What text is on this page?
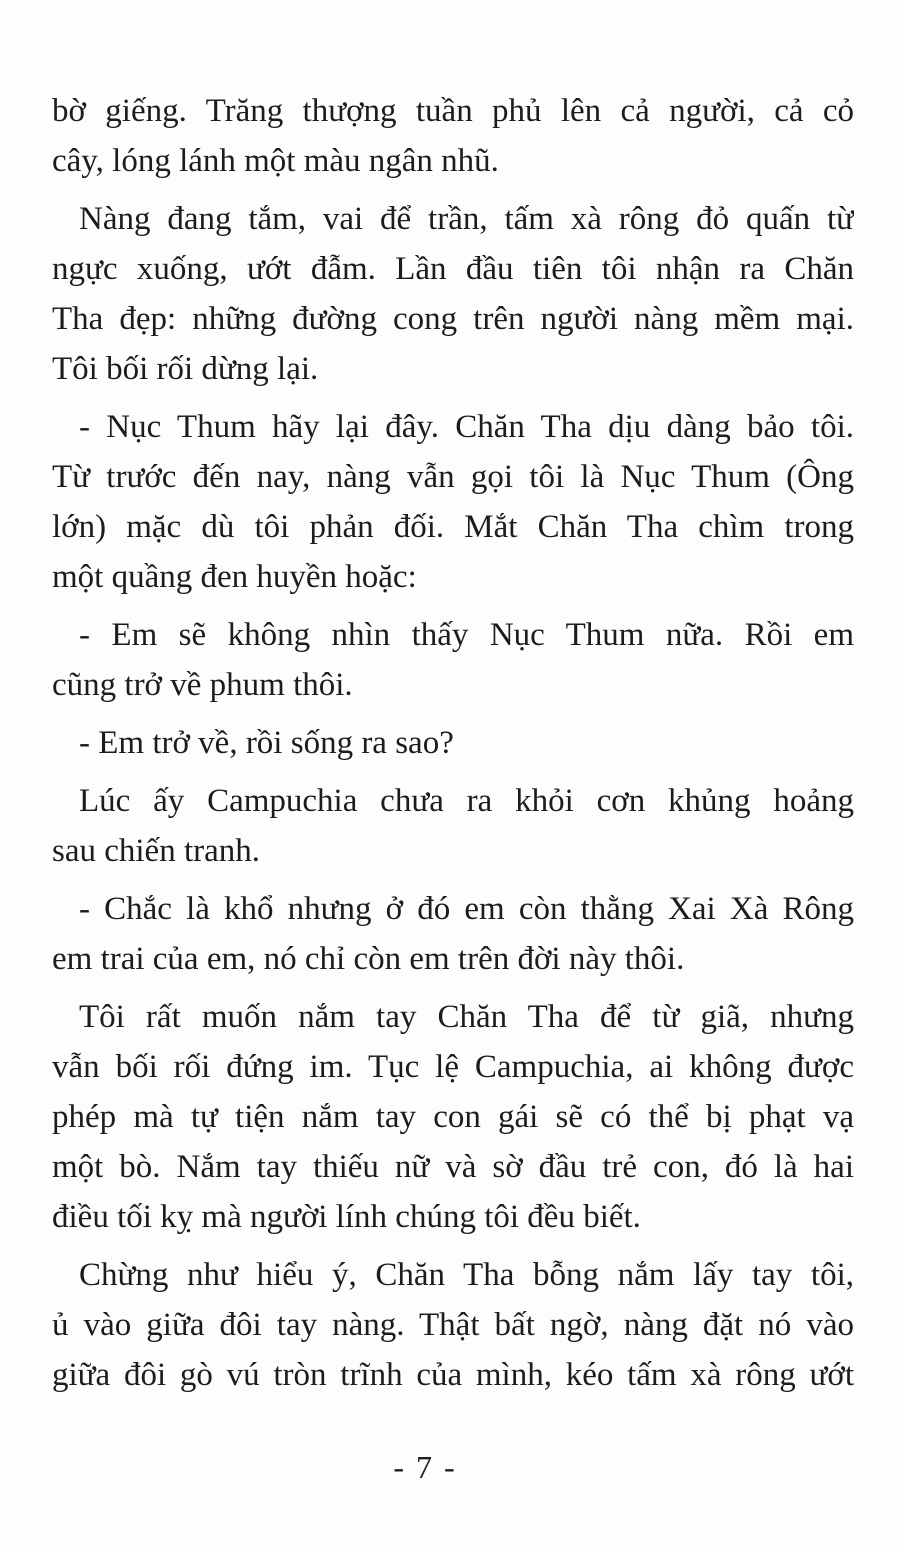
bờ giếng. Trăng thượng tuần phủ lên cả người, cả cỏ
cây, lóng lánh một màu ngân nhũ.
Nàng đang tắm, vai để trần, tấm xà rông đỏ quấn từ
ngực xuống, ướt đẫm. Lần đầu tiên tôi nhận ra Chăn
Tha đẹp: những đường cong trên người nàng mềm mại.
Tôi bối rối dừng lại.
- Nục Thum hãy lại đây. Chăn Tha dịu dàng bảo tôi.
Từ trước đến nay, nàng vẫn gọi tôi là Nục Thum (Ông
lớn) mặc dù tôi phản đối. Mắt Chăn Tha chìm trong
một quầng đen huyền hoặc:
- Em sẽ không nhìn thấy Nục Thum nữa. Rồi em
cũng trở về phum thôi.
- Em trở về, rồi sống ra sao?
Lúc ấy Campuchia chưa ra khỏi cơn khủng hoảng
sau chiến tranh.
- Chắc là khổ nhưng ở đó em còn thằng Xai Xà Rông
em trai của em, nó chỉ còn em trên đời này thôi.
Tôi rất muốn nắm tay Chăn Tha để từ giã, nhưng
vẫn bối rối đứng im. Tục lệ Campuchia, ai không được
phép mà tự tiện nắm tay con gái sẽ có thể bị phạt vạ
một bò. Nắm tay thiếu nữ và sờ đầu trẻ con, đó là hai
điều tối kỵ mà người lính chúng tôi đều biết.
Chừng như hiểu ý, Chăn Tha bỗng nắm lấy tay tôi,
ủ vào giữa đôi tay nàng. Thật bất ngờ, nàng đặt nó vào
giữa đôi gò vú tròn trĩnh của mình, kéo tấm xà rông ướt
- 7 -
